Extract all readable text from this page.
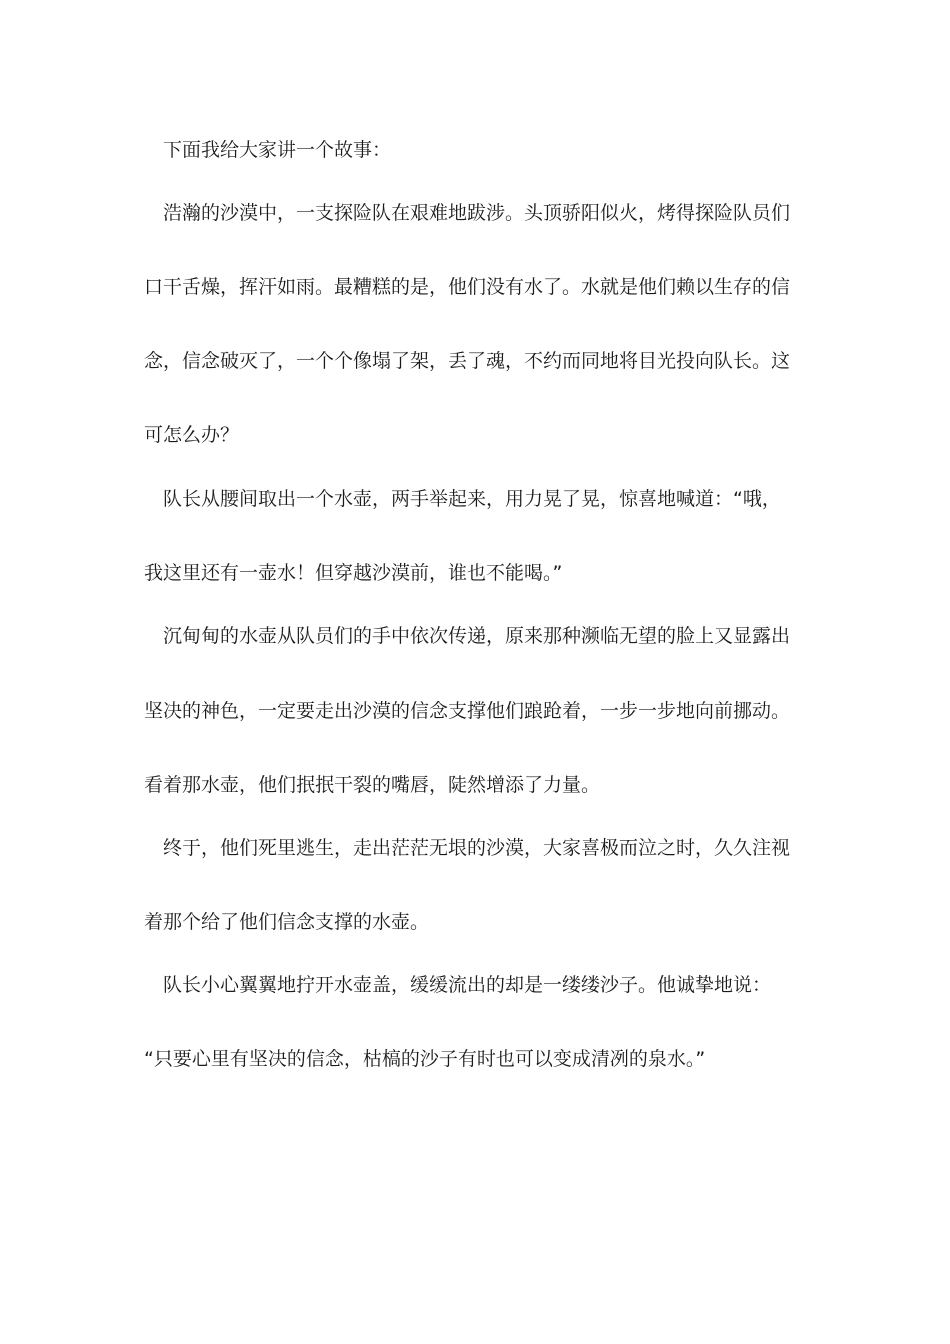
下面我给大家讲一个故事：
浩瀚的沙漠中，一支探险队在艰难地跋涉。头顶骄阳似火，烤得探险队员们
口干舌燥，挥汗如雨。最糟糕的是，他们没有水了。水就是他们赖以生存的信
念，信念破灭了，一个个像塌了架，丢了魂，不约而同地将目光投向队长。这
可怎么办？
队长从腰间取出一个水壶，两手举起来，用力晃了晃，惊喜地喊道：“哦，
我这里还有一壶水！但穿越沙漠前，谁也不能喝。”
沉甸甸的水壶从队员们的手中依次传递，原来那种濒临无望的脸上又显露出
坚决的神色，一定要走出沙漠的信念支撑他们踉跄着，一步一步地向前挪动。
看着那水壶，他们抿抿干裂的嘴唇，陡然增添了力量。
终于，他们死里逃生，走出茫茫无垠的沙漠，大家喜极而泣之时，久久注视
着那个给了他们信念支撑的水壶。
队长小心翼翼地拧开水壶盖，缓缓流出的却是一缕缕沙子。他诚挚地说：
“只要心里有坚决的信念，枯槁的沙子有时也可以变成清冽的泉水。”
